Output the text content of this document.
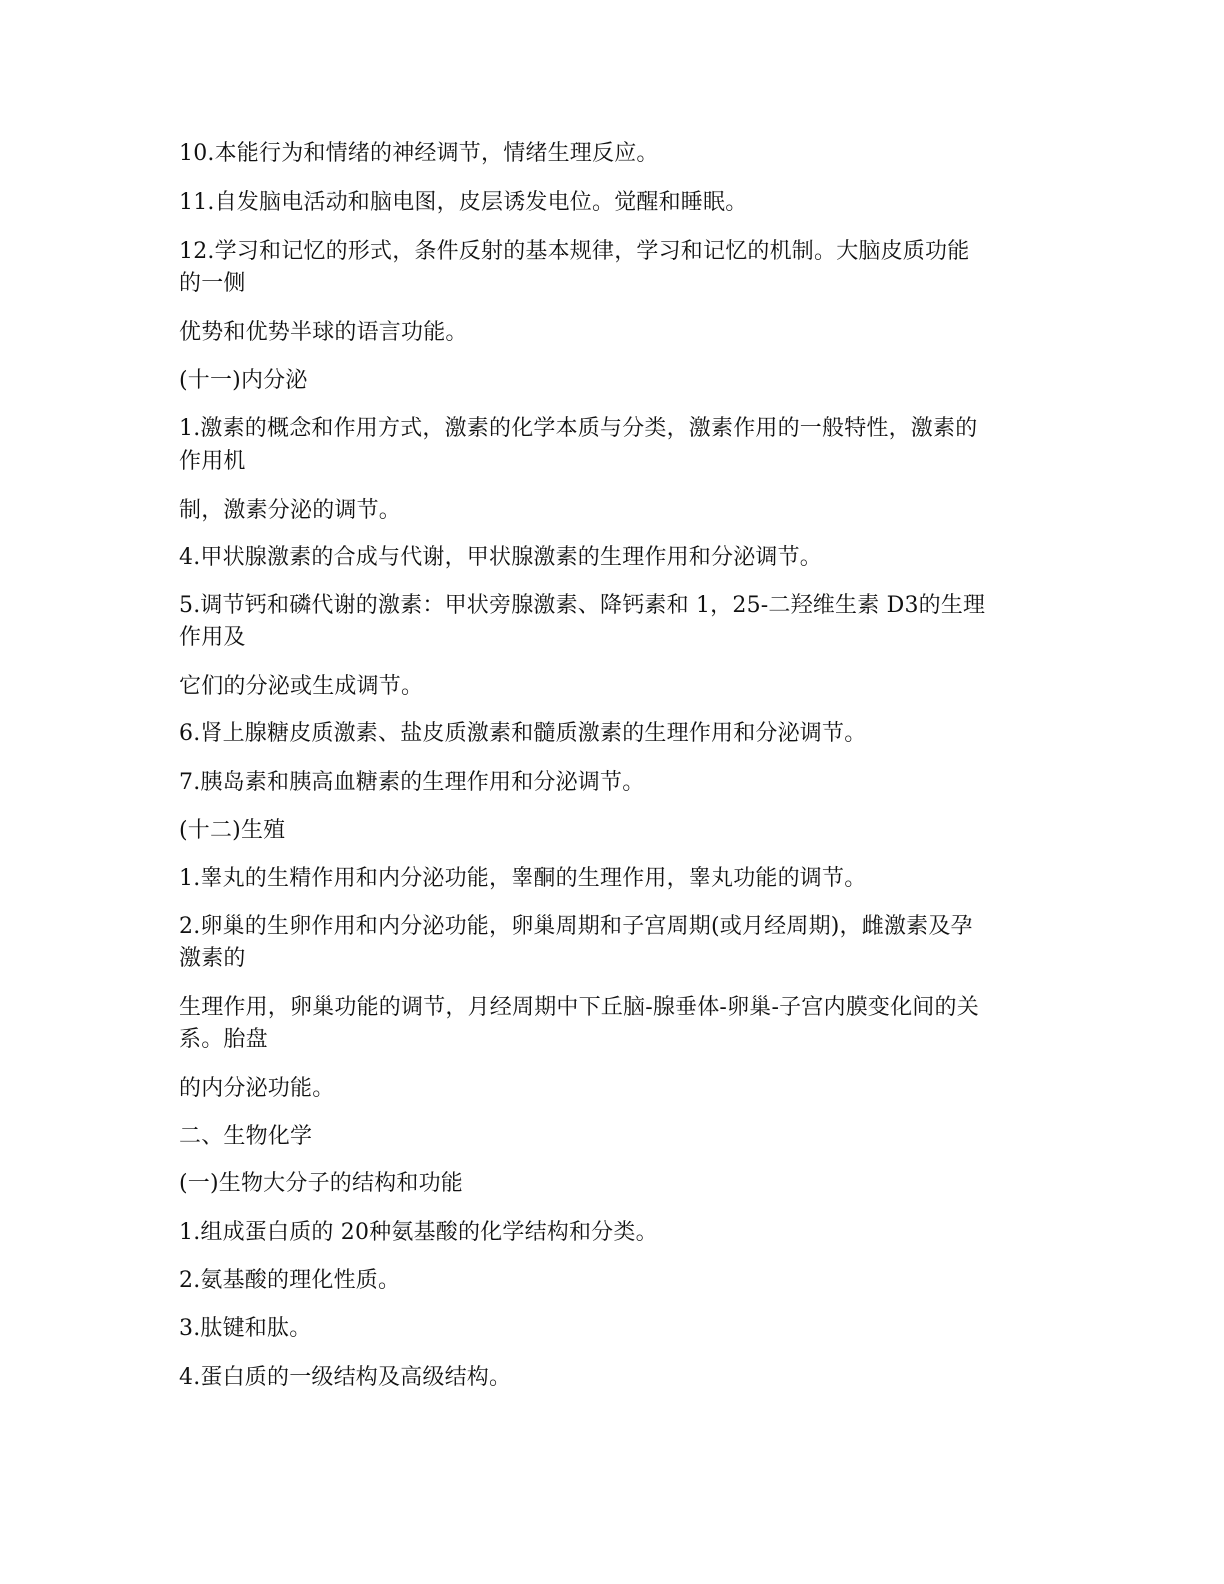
10.本能行为和情绪的神经调节，情绪生理反应。
11.自发脑电活动和脑电图，皮层诱发电位。觉醒和睡眠。
12.学习和记忆的形式，条件反射的基本规律，学习和记忆的机制。大脑皮质功能
的一侧
优势和优势半球的语言功能。
(十一)内分泌
1.激素的概念和作用方式，激素的化学本质与分类，激素作用的一般特性，激素的
作用机
制，激素分泌的调节。
4.甲状腺激素的合成与代谢，甲状腺激素的生理作用和分泌调节。
5.调节钙和磷代谢的激素：甲状旁腺激素、降钙素和 1，25-二羟维生素 D3的生理
作用及
它们的分泌或生成调节。
6.肾上腺糖皮质激素、盐皮质激素和髓质激素的生理作用和分泌调节。
7.胰岛素和胰高血糖素的生理作用和分泌调节。
(十二)生殖
1.睾丸的生精作用和内分泌功能，睾酮的生理作用，睾丸功能的调节。
2.卵巢的生卵作用和内分泌功能，卵巢周期和子宫周期(或月经周期)，雌激素及孕
激素的
生理作用，卵巢功能的调节，月经周期中下丘脑-腺垂体-卵巢-子宫内膜变化间的关
系。胎盘
的内分泌功能。
二、生物化学
(一)生物大分子的结构和功能
1.组成蛋白质的 20种氨基酸的化学结构和分类。
2.氨基酸的理化性质。
3.肽键和肽。
4.蛋白质的一级结构及高级结构。
